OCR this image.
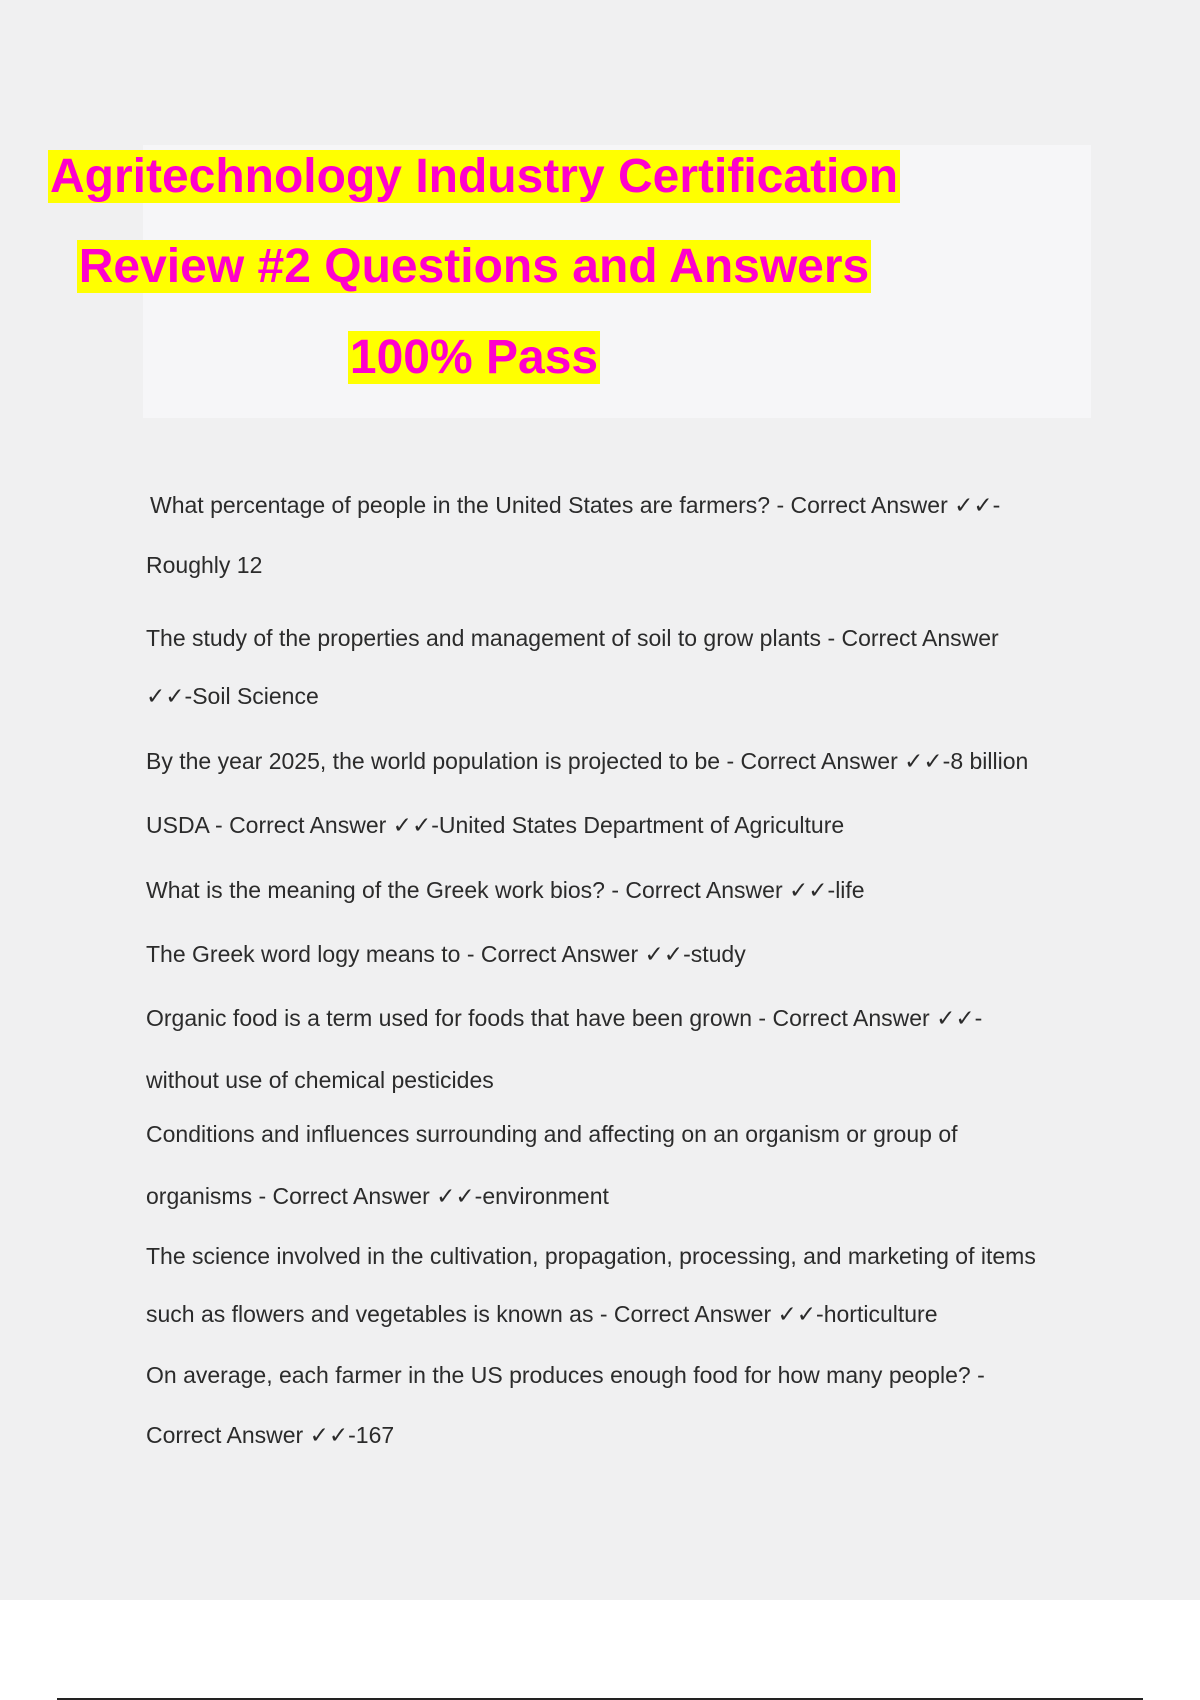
Agritechnology Industry Certification
Review #2 Questions and Answers
100% Pass
What percentage of people in the United States are farmers? - Correct Answer ✓✓-
Roughly 12
The study of the properties and management of soil to grow plants - Correct Answer
✓✓-Soil Science
By the year 2025, the world population is projected to be - Correct Answer ✓✓-8 billion
USDA - Correct Answer ✓✓-United States Department of Agriculture
What is the meaning of the Greek work bios? - Correct Answer ✓✓-life
The Greek word logy means to - Correct Answer ✓✓-study
Organic food is a term used for foods that have been grown - Correct Answer ✓✓-
without use of chemical pesticides
Conditions and influences surrounding and affecting on an organism or group of
organisms - Correct Answer ✓✓-environment
The science involved in the cultivation, propagation, processing, and marketing of items
such as flowers and vegetables is known as - Correct Answer ✓✓-horticulture
On average, each farmer in the US produces enough food for how many people? -
Correct Answer ✓✓-167
